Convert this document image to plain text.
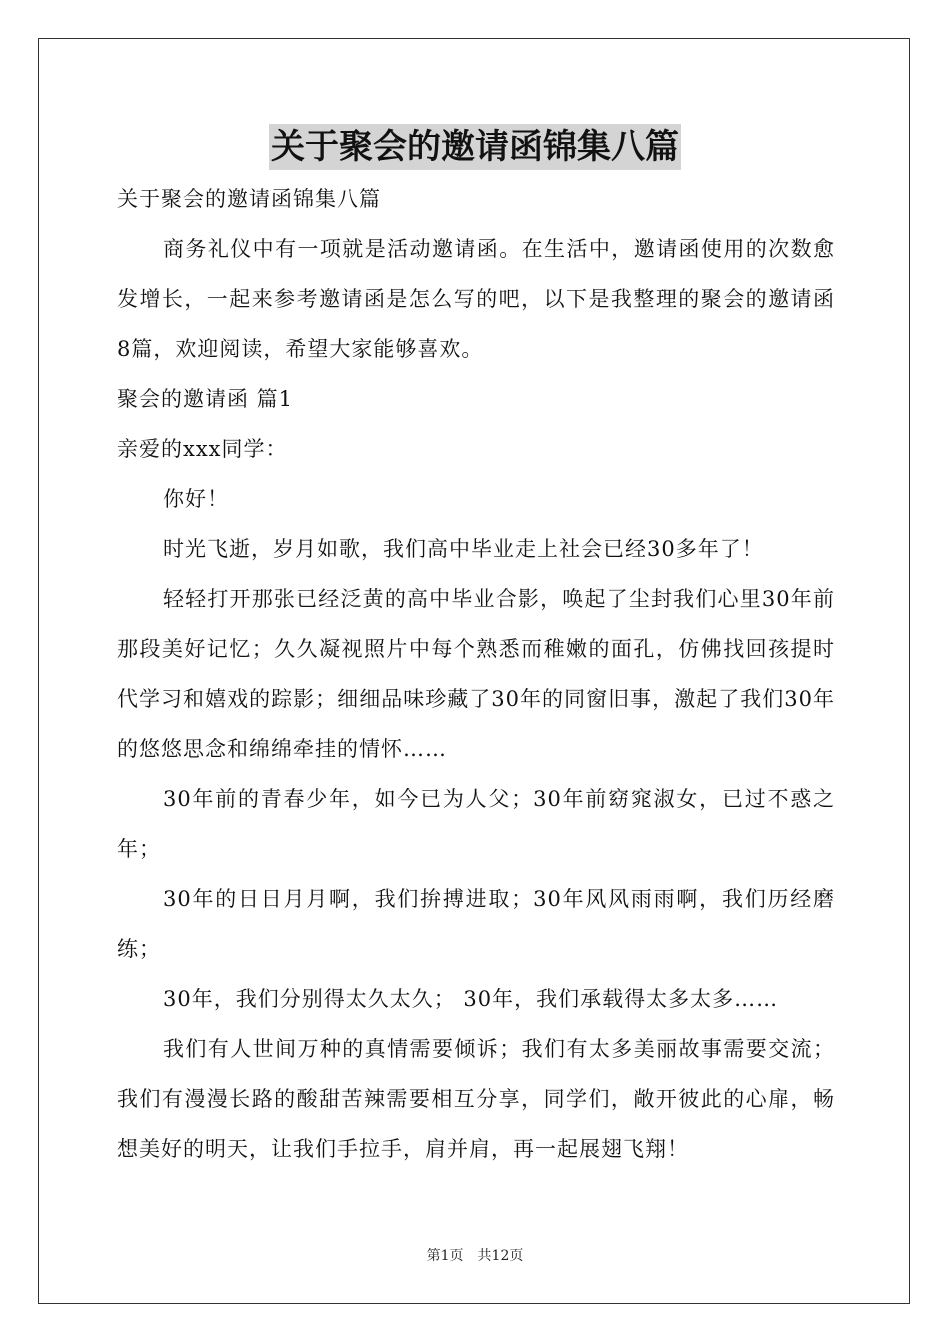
关于聚会的邀请函锦集八篇

关于聚会的邀请函锦集八篇

商务礼仪中有一项就是活动邀请函。在生活中，邀请函使用的次数愈发增长，一起来参考邀请函是怎么写的吧，以下是我整理的聚会的邀请函8篇，欢迎阅读，希望大家能够喜欢。

聚会的邀请函 篇1

亲爱的xxx同学：

你好！

时光飞逝，岁月如歌，我们高中毕业走上社会已经30多年了！

轻轻打开那张已经泛黄的高中毕业合影，唤起了尘封我们心里30年前那段美好记忆；久久凝视照片中每个熟悉而稚嫩的面孔，仿佛找回孩提时代学习和嬉戏的踪影；细细品味珍藏了30年的同窗旧事，激起了我们30年的悠悠思念和绵绵牵挂的情怀……

30年前的青春少年，如今已为人父；30年前窈窕淑女，已过不惑之年；

30年的日日月月啊，我们拚搏进取；30年风风雨雨啊，我们历经磨练；

30年，我们分别得太久太久； 30年，我们承载得太多太多……

我们有人世间万种的真情需要倾诉；我们有太多美丽故事需要交流；我们有漫漫长路的酸甜苦辣需要相互分享，同学们，敞开彼此的心扉，畅想美好的明天，让我们手拉手，肩并肩，再一起展翅飞翔！

第1页　共12页
